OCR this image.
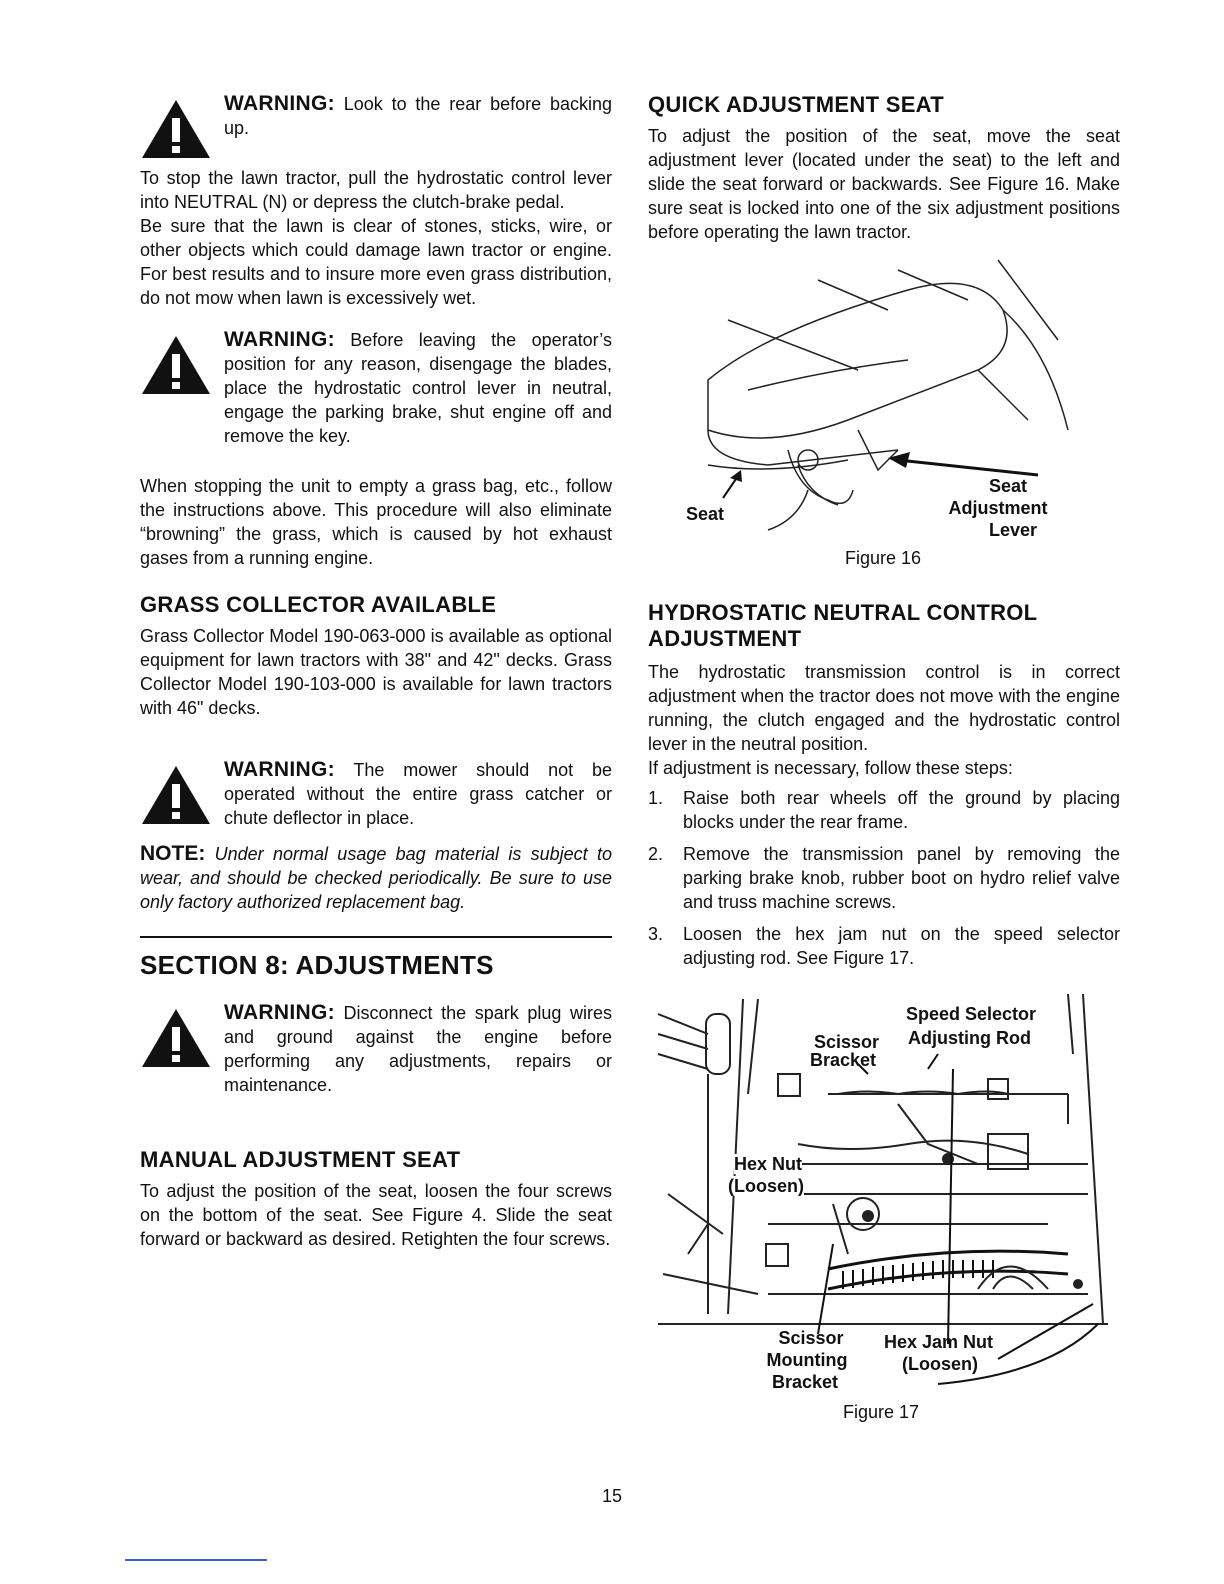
WARNING: Look to the rear before backing up.

To stop the lawn tractor, pull the hydrostatic control lever into NEUTRAL (N) or depress the clutch-brake pedal.

Be sure that the lawn is clear of stones, sticks, wire, or other objects which could damage lawn tractor or engine. For best results and to insure more even grass distribution, do not mow when lawn is excessively wet.

WARNING: Before leaving the operator’s position for any reason, disengage the blades, place the hydrostatic control lever in neutral, engage the parking brake, shut engine off and remove the key.

When stopping the unit to empty a grass bag, etc., follow the instructions above. This procedure will also eliminate “browning” the grass, which is caused by hot exhaust gases from a running engine.

GRASS COLLECTOR AVAILABLE

Grass Collector Model 190-063-000 is available as optional equipment for lawn tractors with 38" and 42" decks. Grass Collector Model 190-103-000 is available for lawn tractors with 46" decks.

WARNING: The mower should not be operated without the entire grass catcher or chute deflector in place.

NOTE: Under normal usage bag material is subject to wear, and should be checked periodically. Be sure to use only factory authorized replacement bag.

SECTION 8: ADJUSTMENTS

WARNING: Disconnect the spark plug wires and ground against the engine before performing any adjustments, repairs or maintenance.

MANUAL ADJUSTMENT SEAT

To adjust the position of the seat, loosen the four screws on the bottom of the seat. See Figure 4. Slide the seat forward or backward as desired. Retighten the four screws.

QUICK ADJUSTMENT SEAT

To adjust the position of the seat, move the seat adjustment lever (located under the seat) to the left and slide the seat forward or backwards. See Figure 16. Make sure seat is locked into one of the six adjustment positions before operating the lawn tractor.

Seat
Seat
Adjustment
Lever
Figure 16
HYDROSTATIC NEUTRAL CONTROL
ADJUSTMENT

The hydrostatic transmission control is in correct adjustment when the tractor does not move with the engine running, the clutch engaged and the hydrostatic control lever in the neutral position.

If adjustment is necessary, follow these steps:

1. Raise both rear wheels off the ground by placing blocks under the rear frame.
2. Remove the transmission panel by removing the parking brake knob, rubber boot on hydro relief valve and truss machine screws.
3. Loosen the hex jam nut on the speed selector adjusting rod. See Figure 17.
Speed Selector
Adjusting Rod
Scissor
Bracket
Hex Nut
(Loosen)
Scissor
Mounting
Bracket
Hex Jam Nut
(Loosen)
Figure 17
15
